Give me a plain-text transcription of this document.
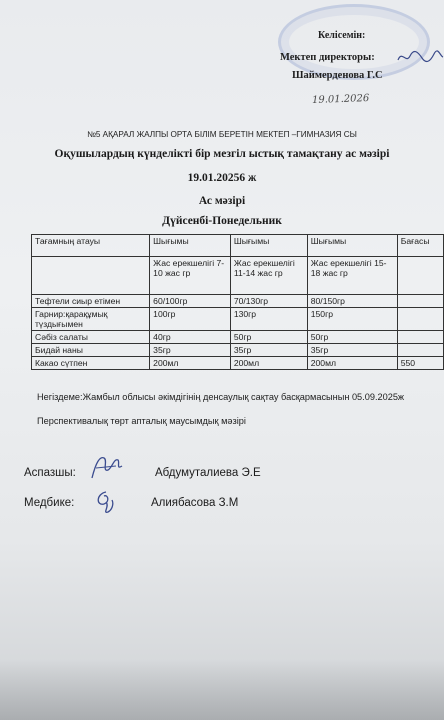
Келісемін:
Мектеп директоры:
Шаймерденова Г.С
19.01.2026
№5 АҚАРАЛ ЖАЛПЫ ОРТА БІЛІМ БЕРЕТІН МЕКТЕП –ГИМНАЗИЯ СЫ
Оқушылардың күнделікті бір мезгіл ыстық тамақтану ас мәзірі
19.01.20256 ж
Ас мәзірі
Дүйсенбі-Понедельник
Тағамның атауы	Шығымы	Шығымы	Шығымы	Бағасы
	Жас ерекшелігі 7-10 жас гр	Жас ерекшелігі 11-14 жас гр	Жас ерекшелігі 15-18 жас гр	
Тефтели сиыр етімен	60/100гр	70/130гр	80/150гр	
Гарнир:қарақұмық түздығымен	100гр	130гр	150гр	
Сәбіз салаты	40гр	50гр	50гр	
Бидай наны	35гр	35гр	35гр	
Какао сүтпен	200мл	200мл	200мл	550
Негіздеме:Жамбыл облысы әкімдігінің денсаулық сақтау басқармасынын 05.09.2025ж
Перспективалық төрт апталық маусымдық мәзірі
Аспазшы:	Абдумуталиева Э.Е
Медбике:	Алиябасова З.М
